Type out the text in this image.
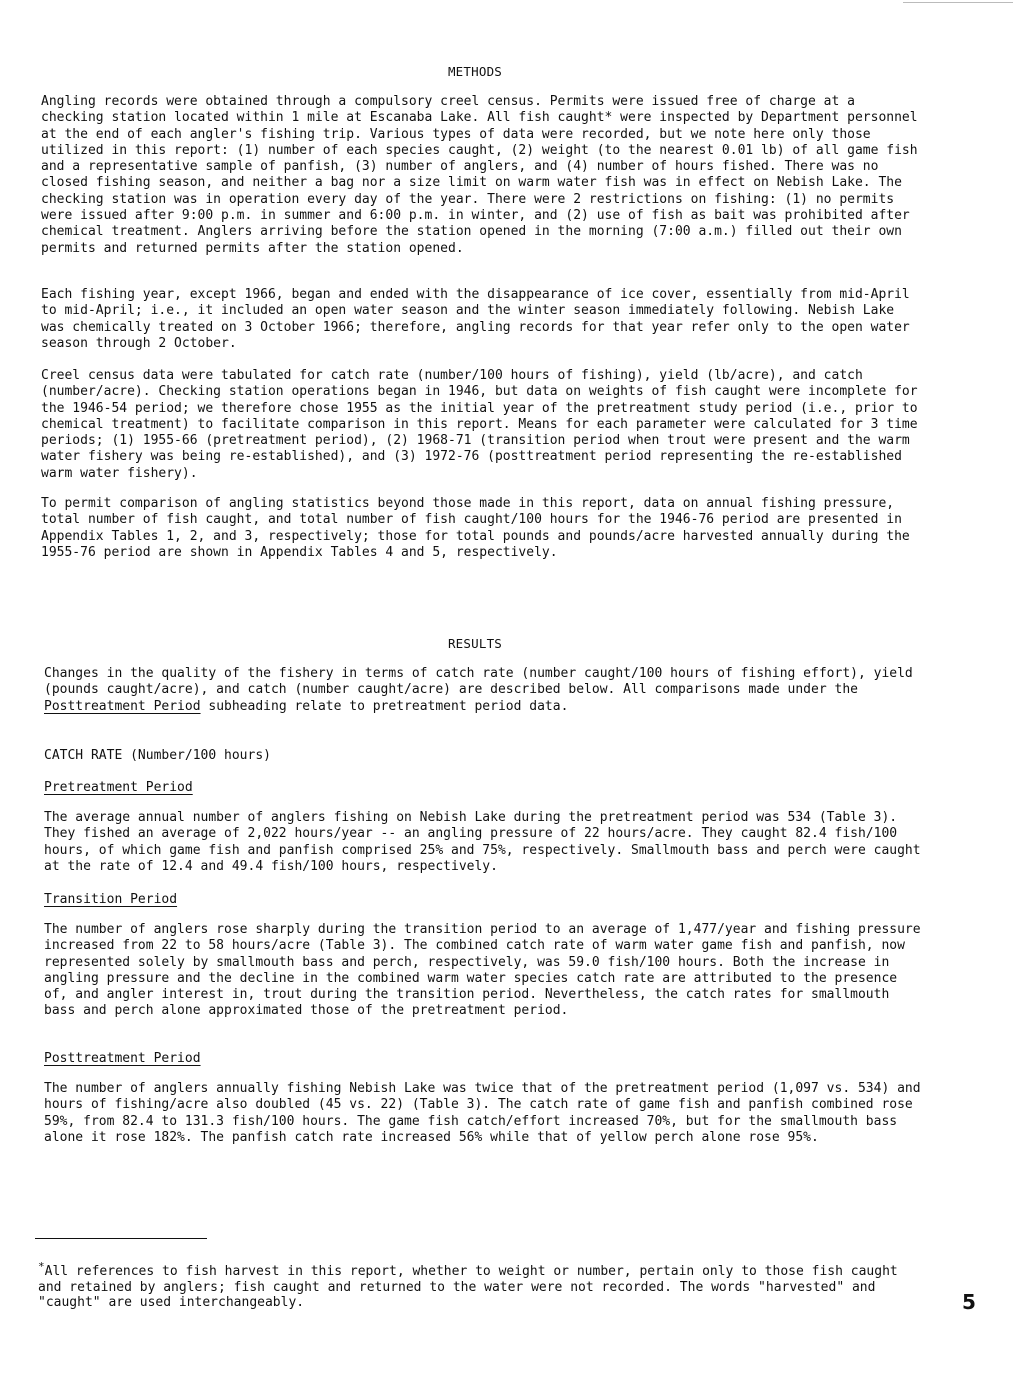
METHODS

Angling records were obtained through a compulsory creel census. Permits were issued free of charge at a checking station located within 1 mile at Escanaba Lake. All fish caught* were inspected by Department personnel at the end of each angler's fishing trip. Various types of data were recorded, but we note here only those utilized in this report: (1) number of each species caught, (2) weight (to the nearest 0.01 lb) of all game fish and a representative sample of panfish, (3) number of anglers, and (4) number of hours fished. There was no closed fishing season, and neither a bag nor a size limit on warm water fish was in effect on Nebish Lake. The checking station was in operation every day of the year. There were 2 restrictions on fishing: (1) no permits were issued after 9:00 p.m. in summer and 6:00 p.m. in winter, and (2) use of fish as bait was prohibited after chemical treatment. Anglers arriving before the station opened in the morning (7:00 a.m.) filled out their own permits and returned permits after the station opened.

Each fishing year, except 1966, began and ended with the disappearance of ice cover, essentially from mid-April to mid-April; i.e., it included an open water season and the winter season immediately following. Nebish Lake was chemically treated on 3 October 1966; therefore, angling records for that year refer only to the open water season through 2 October.

Creel census data were tabulated for catch rate (number/100 hours of fishing), yield (lb/acre), and catch (number/acre). Checking station operations began in 1946, but data on weights of fish caught were incomplete for the 1946-54 period; we therefore chose 1955 as the initial year of the pretreatment study period (i.e., prior to chemical treatment) to facilitate comparison in this report. Means for each parameter were calculated for 3 time periods; (1) 1955-66 (pretreatment period), (2) 1968-71 (transition period when trout were present and the warm water fishery was being re-established), and (3) 1972-76 (posttreatment period representing the re-established warm water fishery).

To permit comparison of angling statistics beyond those made in this report, data on annual fishing pressure, total number of fish caught, and total number of fish caught/100 hours for the 1946-76 period are presented in Appendix Tables 1, 2, and 3, respectively; those for total pounds and pounds/acre harvested annually during the 1955-76 period are shown in Appendix Tables 4 and 5, respectively.

RESULTS

Changes in the quality of the fishery in terms of catch rate (number caught/100 hours of fishing effort), yield (pounds caught/acre), and catch (number caught/acre) are described below. All comparisons made under the Posttreatment Period subheading relate to pretreatment period data.

CATCH RATE (Number/100 hours)
Pretreatment Period

The average annual number of anglers fishing on Nebish Lake during the pretreatment period was 534 (Table 3). They fished an average of 2,022 hours/year -- an angling pressure of 22 hours/acre. They caught 82.4 fish/100 hours, of which game fish and panfish comprised 25% and 75%, respectively. Smallmouth bass and perch were caught at the rate of 12.4 and 49.4 fish/100 hours, respectively.

Transition Period

The number of anglers rose sharply during the transition period to an average of 1,477/year and fishing pressure increased from 22 to 58 hours/acre (Table 3). The combined catch rate of warm water game fish and panfish, now represented solely by smallmouth bass and perch, respectively, was 59.0 fish/100 hours. Both the increase in angling pressure and the decline in the combined warm water species catch rate are attributed to the presence of, and angler interest in, trout during the transition period. Nevertheless, the catch rates for smallmouth bass and perch alone approximated those of the pretreatment period.

Posttreatment Period

The number of anglers annually fishing Nebish Lake was twice that of the pretreatment period (1,097 vs. 534) and hours of fishing/acre also doubled (45 vs. 22) (Table 3). The catch rate of game fish and panfish combined rose 59%, from 82.4 to 131.3 fish/100 hours. The game fish catch/effort increased 70%, but for the smallmouth bass alone it rose 182%. The panfish catch rate increased 56% while that of yellow perch alone rose 95%.

*All references to fish harvest in this report, whether to weight or number, pertain only to those fish caught and retained by anglers; fish caught and returned to the water were not recorded. The words "harvested" and "caught" are used interchangeably.	5
